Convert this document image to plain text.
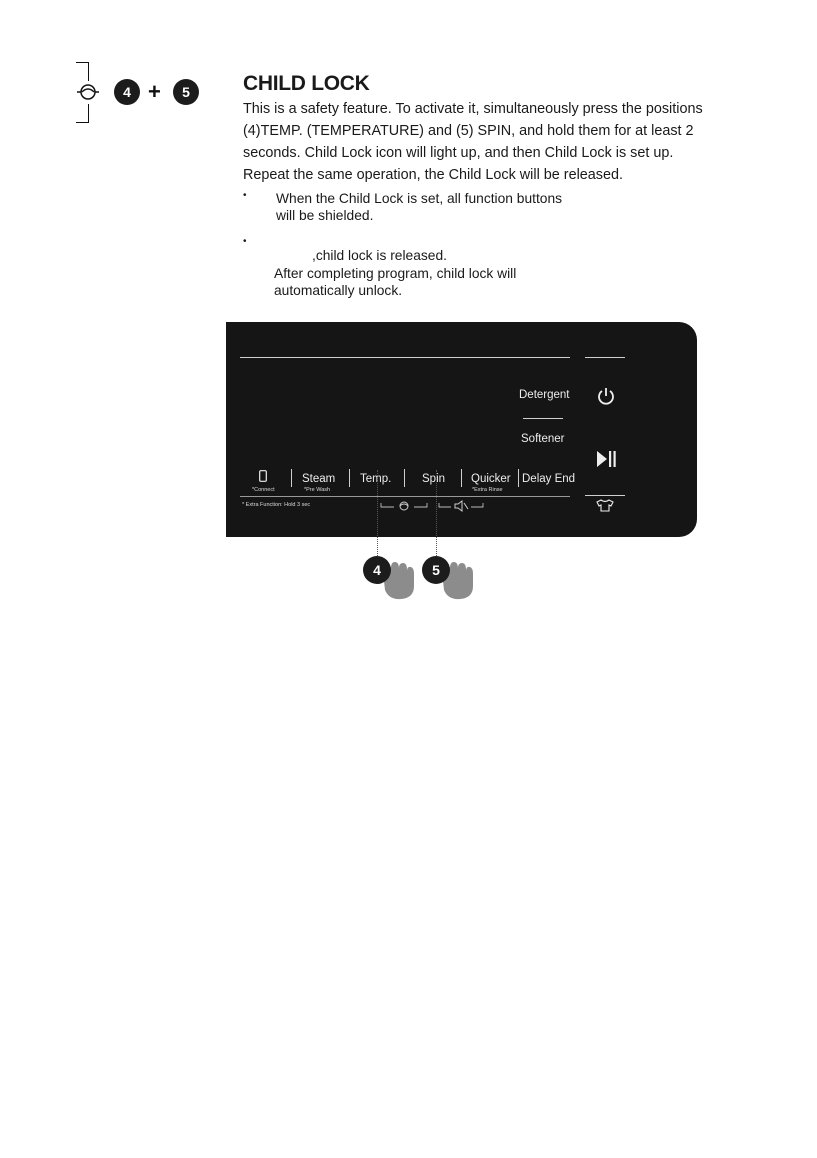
4 +	5	CHILD LOCK
This is a safety feature. To activate it, simultaneously press the positions
(4)TEMP. (TEMPERATURE) and (5) SPIN, and hold them for at least 2
seconds. Child Lock icon will light up, and then Child Lock is set up.
Repeat the same operation, the Child Lock will be released.
• When the Child Lock is set, all function buttons
will be shielded.
•
,child lock is released.
After completing program, child lock will
automatically unlock.
Detergent
Softener
*Connect
Steam
*Pre Wash
Temp.	Spin Quicker
*Extra Rinse
Delay End
* Extra Function: Hold 3 sec
4	5
